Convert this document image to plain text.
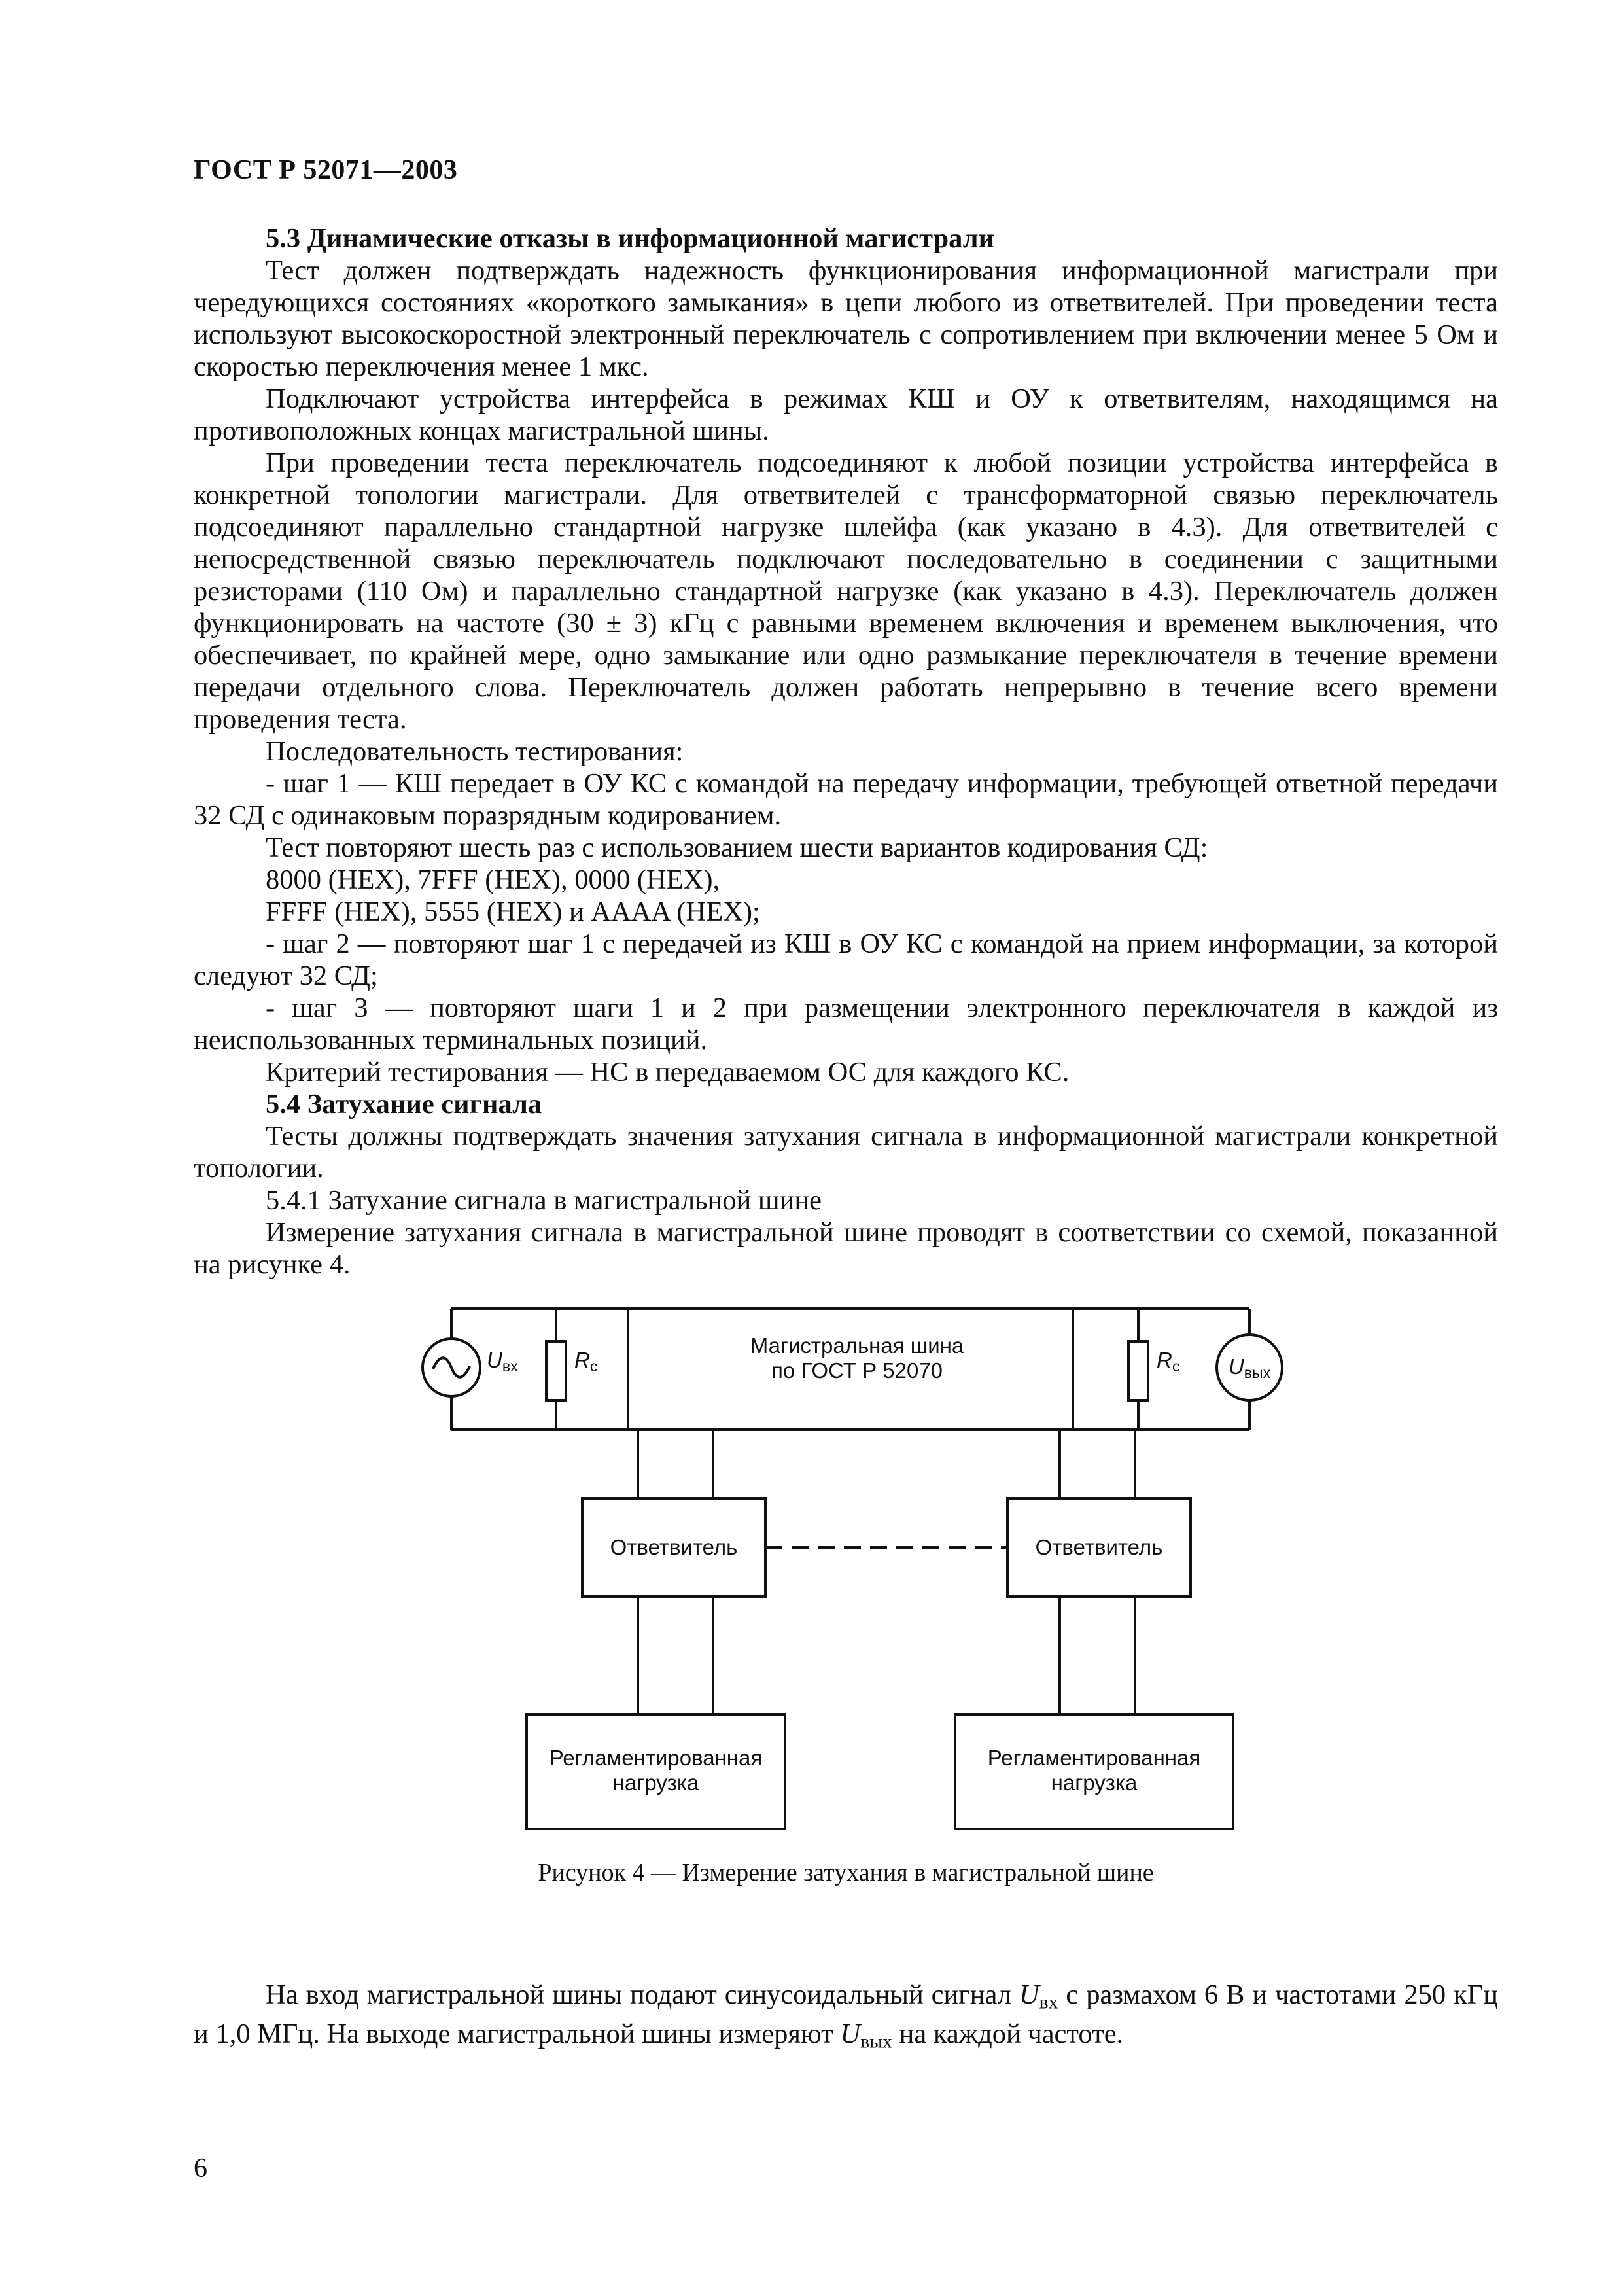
ГОСТ Р 52071—2003

5.3 Динамические отказы в информационной магистрали

Тест должен подтверждать надежность функционирования информационной магистрали при чередующихся состояниях «короткого замыкания» в цепи любого из ответвителей. При проведении теста используют высокоскоростной электронный переключатель с сопротивлением при включении менее 5 Ом и скоростью переключения менее 1 мкс.

Подключают устройства интерфейса в режимах КШ и ОУ к ответвителям, находящимся на противоположных концах магистральной шины.

При проведении теста переключатель подсоединяют к любой позиции устройства интерфейса в конкретной топологии магистрали. Для ответвителей с трансформаторной связью переключатель подсоединяют параллельно стандартной нагрузке шлейфа (как указано в 4.3). Для ответвителей с непосредственной связью переключатель подключают последовательно в соединении с защитными резисторами (110 Ом) и параллельно стандартной нагрузке (как указано в 4.3). Переключатель должен функционировать на частоте (30 ± 3) кГц с равными временем включения и временем выключения, что обеспечивает, по крайней мере, одно замыкание или одно размыкание переключателя в течение времени передачи отдельного слова. Переключатель должен работать непрерывно в течение всего времени проведения теста.

Последовательность тестирования:

- шаг 1 — КШ передает в ОУ КС с командой на передачу информации, требующей ответной передачи 32 СД с одинаковым поразрядным кодированием.

Тест повторяют шесть раз с использованием шести вариантов кодирования СД:

8000 (HEX), 7FFF (HEX), 0000 (HEX),

FFFF (HEX), 5555 (HEX) и AAAA (HEX);

- шаг 2 — повторяют шаг 1 с передачей из КШ в ОУ КС с командой на прием информации, за которой следуют 32 СД;

- шаг 3 — повторяют шаги 1 и 2 при размещении электронного переключателя в каждой из неиспользованных терминальных позиций.

Критерий тестирования — НС в передаваемом ОС для каждого КС.

5.4 Затухание сигнала

Тесты должны подтверждать значения затухания сигнала в информационной магистрали конкретной топологии.

5.4.1 Затухание сигнала в магистральной шине

Измерение затухания сигнала в магистральной шине проводят в соответствии со схемой, показанной на рисунке 4.

$U_{вх}$	$R_с$	$R_с$	$U_{вых}$
Магистральная шина
по ГОСТ Р 52070
Ответвитель	Ответвитель
Регламентированная
нагрузка
Регламентированная
нагрузка
Рисунок 4 — Измерение затухания в магистральной шине

На вход магистральной шины подают синусоидальный сигнал $U_{вх}$ с размахом 6 В и частотами 250 кГц и 1,0 МГц. На выходе магистральной шины измеряют $U_{вых}$ на каждой частоте.

6
